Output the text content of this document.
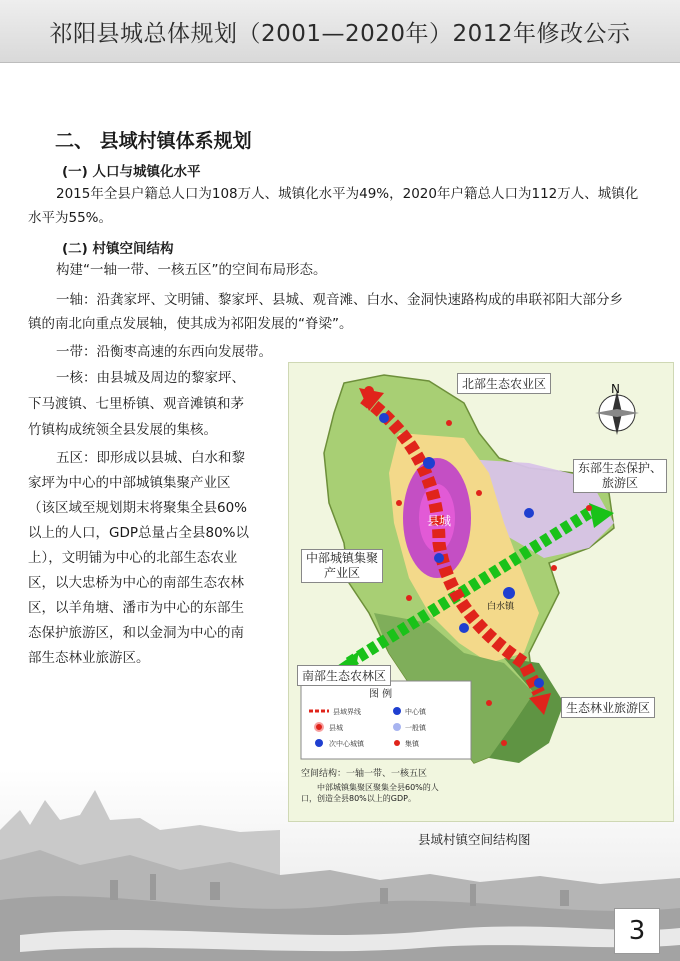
祁阳县城总体规划（2001—2020年）2012年修改公示
二、 县域村镇体系规划
(一) 人口与城镇化水平

2015年全县户籍总人口为108万人、城镇化水平为49%，2020年户籍总人口为112万人、城镇化

水平为55%。

(二) 村镇空间结构

构建“一轴一带、一核五区”的空间布局形态。

一轴：沿龚家坪、文明铺、黎家坪、县城、观音滩、白水、金洞快速路构成的串联祁阳大部分乡

镇的南北向重点发展轴，使其成为祁阳发展的“脊梁”。

一带：沿衡枣高速的东西向发展带。

一核：由县城及周边的黎家坪、

下马渡镇、七里桥镇、观音滩镇和茅

竹镇构成统领全县发展的集核。

五区：即形成以县城、白水和黎

家坪为中心的中部城镇集聚产业区

（该区域至规划期末将聚集全县60%

以上的人口，GDP总量占全县80%以

上），文明铺为中心的北部生态农业

区，以大忠桥为中心的南部生态农林

区，以羊角塘、潘市为中心的东部生

态保护旅游区，和以金洞为中心的南

部生态林业旅游区。

N
县城
白水镇
北部生态农业区
东部生态保护、
旅游区
中部城镇集聚
产业区
南部生态农林区
生态林业旅游区
图 例
县域界线	中心镇
县城	一般镇
次中心城镇	集镇
空间结构：一轴一带、一核五区
中部城镇集聚区聚集全县60%的人
口，创造全县80%以上的GDP。
县域村镇空间结构图
3
